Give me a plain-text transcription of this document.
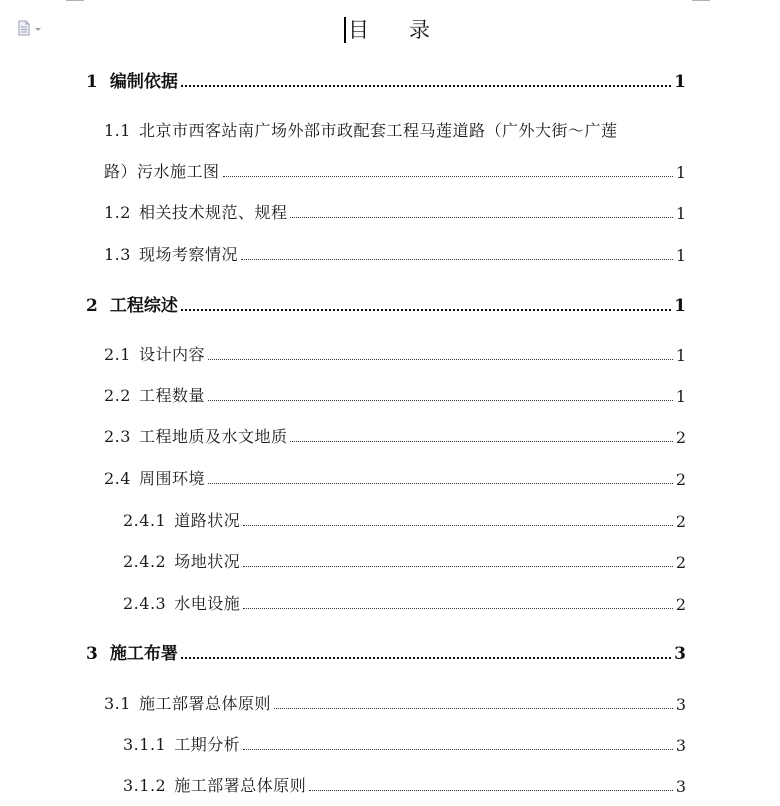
目 录
1 编制依据	1
1.1 北京市西客站南广场外部市政配套工程马莲道路（广外大街～广莲
路）污水施工图	1
1.2 相关技术规范、规程	1
1.3 现场考察情况	1
2 工程综述	1
2.1 设计内容	1
2.2 工程数量	1
2.3 工程地质及水文地质	2
2.4 周围环境	2
2.4.1 道路状况	2
2.4.2 场地状况	2
2.4.3 水电设施	2
3 施工布署	3
3.1 施工部署总体原则	3
3.1.1 工期分析	3
3.1.2 施工部署总体原则	3
